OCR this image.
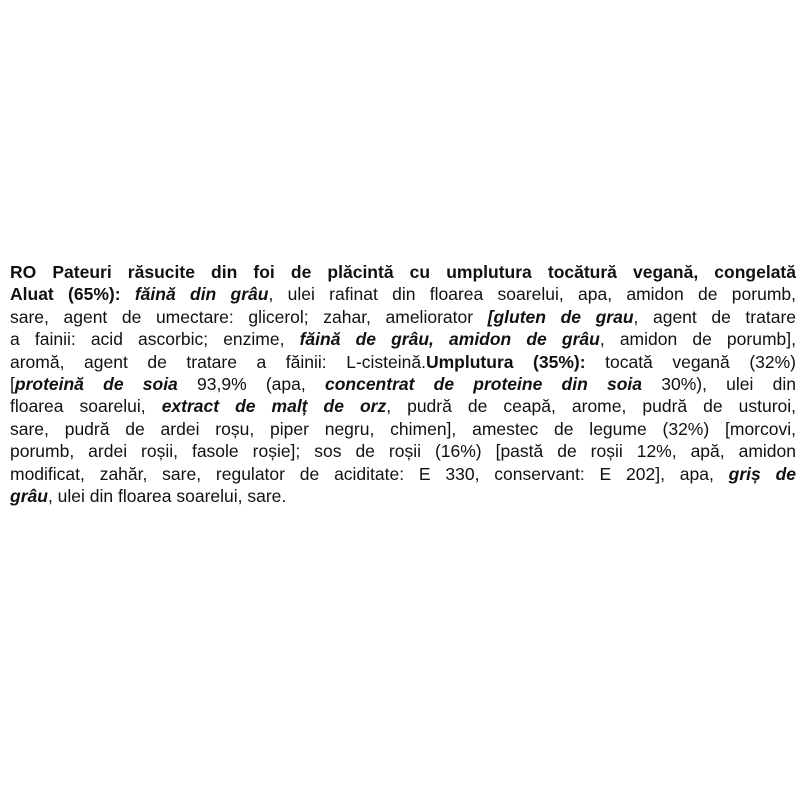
RO Pateuri răsucite din foi de plăcintă cu umplutura tocătură vegană, congelată
Aluat (65%): făină din grâu, ulei rafinat din floarea soarelui, apa, amidon de porumb,
sare, agent de umectare: glicerol; zahar, ameliorator [gluten de grau, agent de tratare
a fainii: acid ascorbic; enzime, făină de grâu, amidon de grâu, amidon de porumb],
aromă, agent de tratare a făinii: L-cisteină.Umplutura (35%): tocată vegană (32%)
[proteină de soia 93,9% (apa, concentrat de proteine din soia 30%), ulei din
floarea soarelui, extract de malț de orz, pudră de ceapă, arome, pudră de usturoi,
sare, pudră de ardei roșu, piper negru, chimen], amestec de legume (32%) [morcovi,
porumb, ardei roșii, fasole roșie]; sos de roșii (16%) [pastă de roșii 12%, apă, amidon
modificat, zahăr, sare, regulator de aciditate: E 330, conservant: E 202], apa, griș de
grâu, ulei din floarea soarelui, sare.
